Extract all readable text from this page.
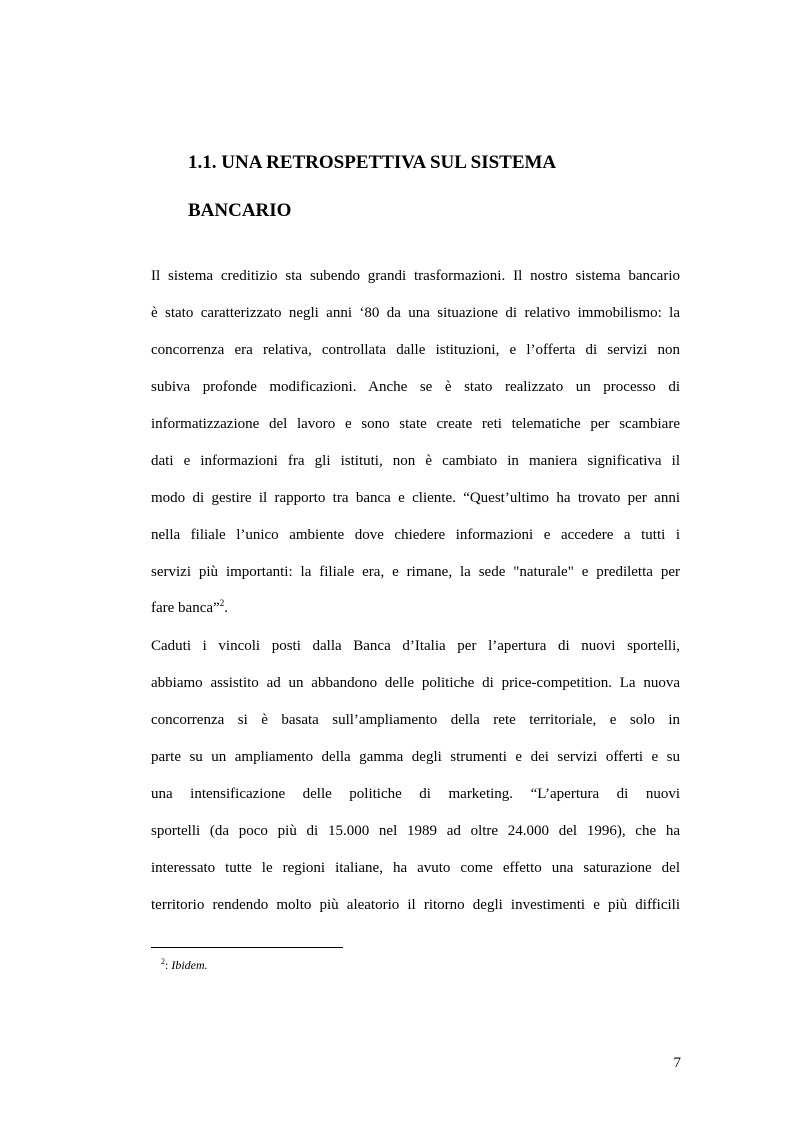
1.1. UNA RETROSPETTIVA SUL SISTEMA
BANCARIO
Il sistema creditizio sta subendo grandi trasformazioni. Il nostro sistema bancario
è stato caratterizzato negli anni ‘80 da una situazione di relativo immobilismo: la
concorrenza era relativa, controllata dalle istituzioni, e l’offerta di servizi non
subiva profonde modificazioni. Anche se è stato realizzato un processo di
informatizzazione del lavoro e sono state create reti telematiche per scambiare
dati e informazioni fra gli istituti, non è cambiato in maniera significativa il
modo di gestire il rapporto tra banca e cliente. “Quest’ultimo ha trovato per anni
nella filiale l’unico ambiente dove chiedere informazioni e accedere a tutti i
servizi più importanti: la filiale era, e rimane, la sede "naturale" e prediletta per
fare banca”$^2$.
Caduti i vincoli posti dalla Banca d’Italia per l’apertura di nuovi sportelli,
abbiamo assistito ad un abbandono delle politiche di price-competition. La nuova
concorrenza si è basata sull’ampliamento della rete territoriale, e solo in
parte su un ampliamento della gamma degli strumenti e dei servizi offerti e su
una intensificazione delle politiche di marketing. “L’apertura di nuovi
sportelli (da poco più di 15.000 nel 1989 ad oltre 24.000 del 1996), che ha
interessato tutte le regioni italiane, ha avuto come effetto una saturazione del
territorio rendendo molto più aleatorio il ritorno degli investimenti e più difficili
$^2$: Ibidem.
7
